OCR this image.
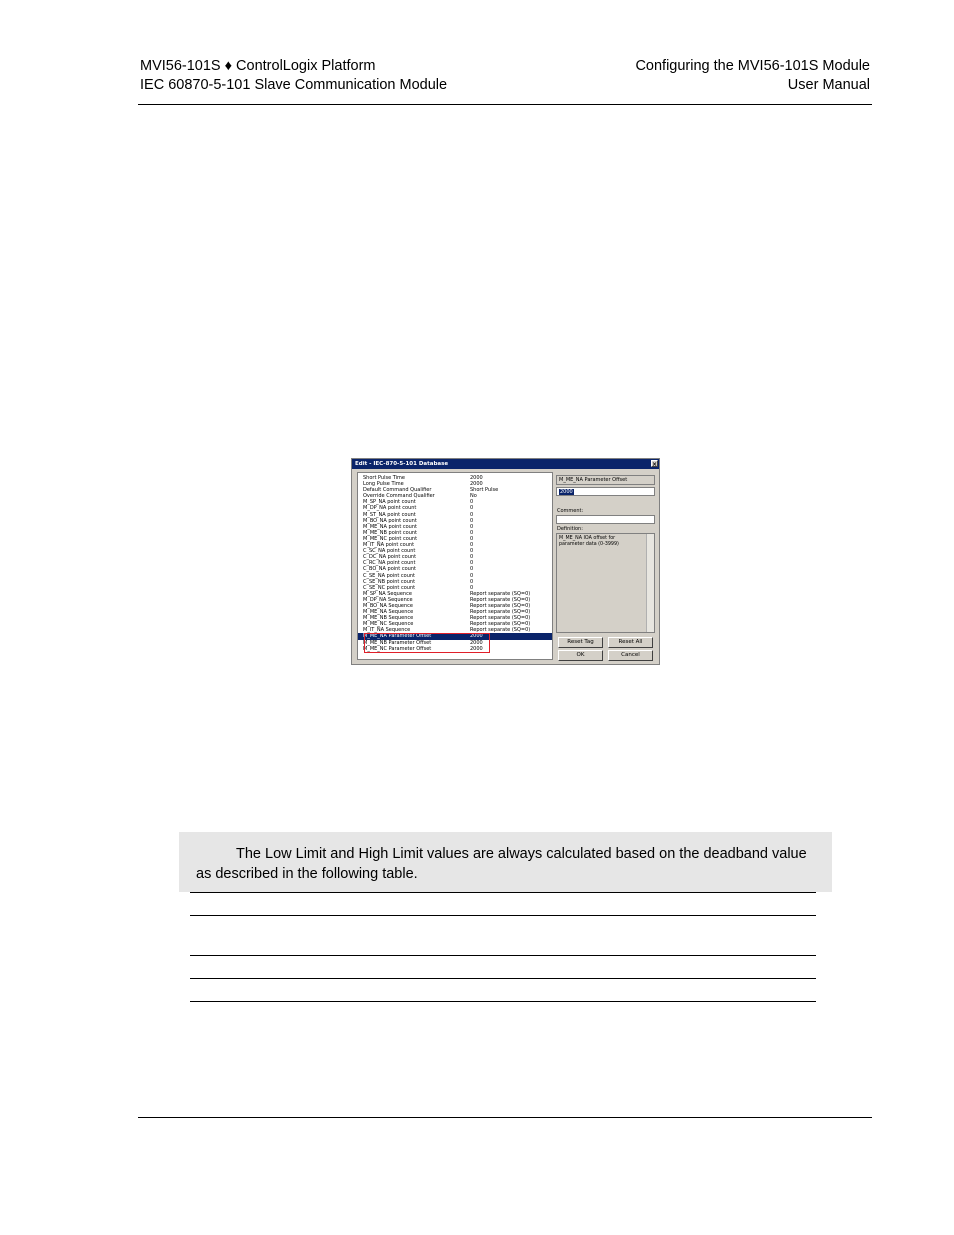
MVI56-101S ♦ ControlLogix Platform
IEC 60870-5-101 Slave Communication Module
Configuring the MVI56-101S Module
User Manual
Edit - IEC-870-5-101 Database	×
Short Pulse Time	2000
Long Pulse Time	2000
Default Command Qualifier	Short Pulse
Override Command Qualifier	No
M_SP_NA point count	0
M_DP_NA point count	0
M_ST_NA point count	0
M_BO_NA point count	0
M_ME_NA point count	0
M_ME_NB point count	0
M_ME_NC point count	0
M_IT_NA point count	0
C_SC_NA point count	0
C_DC_NA point count	0
C_RC_NA point count	0
C_BO_NA point count	0
C_SE_NA point count	0
C_SE_NB point count	0
C_SE_NC point count	0
M_SP_NA Sequence	Report separate (SQ=0)
M_DP_NA Sequence	Report separate (SQ=0)
M_BO_NA Sequence	Report separate (SQ=0)
M_ME_NA Sequence	Report separate (SQ=0)
M_ME_NB Sequence	Report separate (SQ=0)
M_ME_NC Sequence	Report separate (SQ=0)
M_IT_NA Sequence	Report separate (SQ=0)
M_ME_NA Parameter Offset	2000
M_ME_NB Parameter Offset	2000
M_ME_NC Parameter Offset	2000
M_ME_NA Parameter Offset
2000
Comment:
Definition:
M_ME_NA IOA offset for parameter data (0-3999)
Reset Tag	Reset All
OK	Cancel
The Low Limit and High Limit values are always calculated based on the deadband value as described in the following table.
